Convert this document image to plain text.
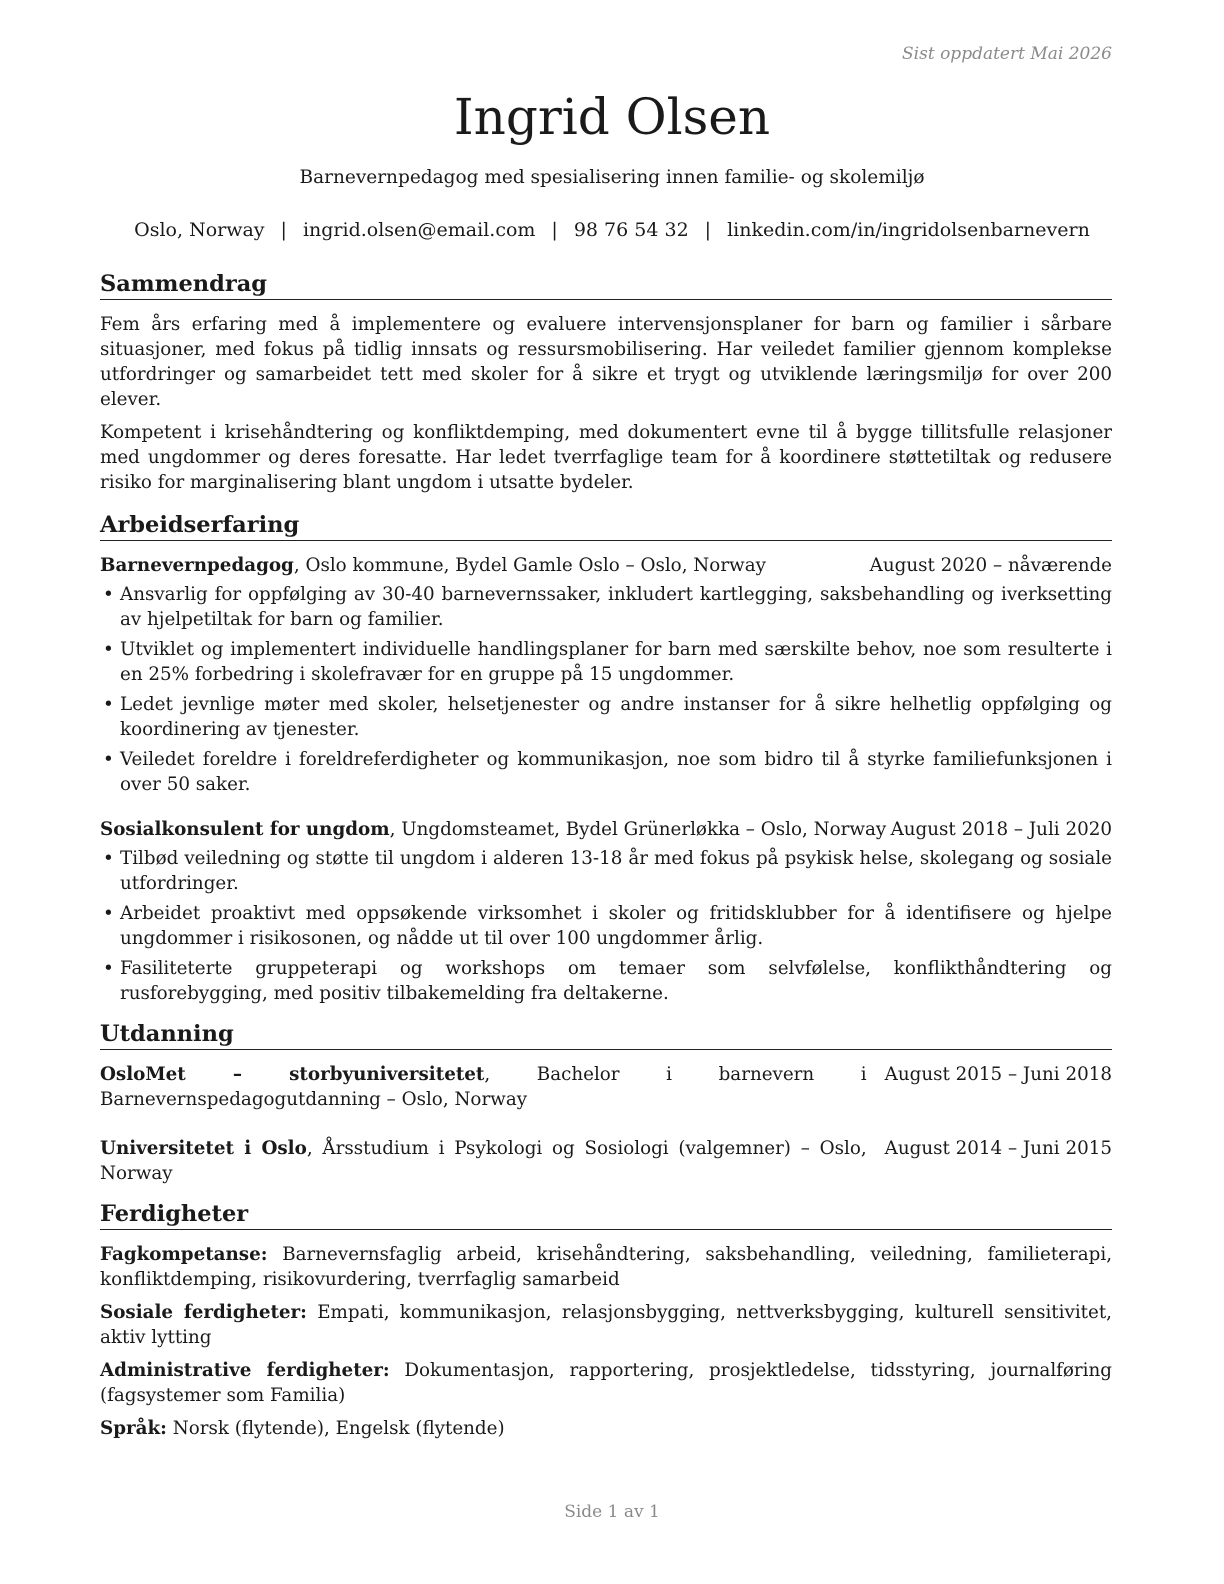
Sist oppdatert Mai 2026
Ingrid Olsen
Barnevernpedagog med spesialisering innen familie- og skolemiljø
Oslo, Norway | ingrid.olsen@email.com | 98 76 54 32 | linkedin.com/in/ingridolsenbarnevern
Sammendrag

Fem års erfaring med å implementere og evaluere intervensjonsplaner for barn og familier i sårbare situasjoner, med fokus på tidlig innsats og ressursmobilisering. Har veiledet familier gjennom komplekse utfordringer og samarbeidet tett med skoler for å sikre et trygt og utviklende læringsmiljø for over 200 elever.

Kompetent i krisehåndtering og konfliktdemping, med dokumentert evne til å bygge tillitsfulle relasjoner med ungdommer og deres foresatte. Har ledet tverrfaglige team for å koordinere støttetiltak og redusere risiko for marginalisering blant ungdom i utsatte bydeler.

Arbeidserfaring
Barnevernpedagog, Oslo kommune, Bydel Gamle Oslo – Oslo, Norway	August 2020 – nåværende
• Ansvarlig for oppfølging av 30-40 barnevernssaker, inkludert kartlegging, saksbehandling og iverksetting av hjelpetiltak for barn og familier.
• Utviklet og implementert individuelle handlingsplaner for barn med særskilte behov, noe som resulterte i en 25% forbedring i skolefravær for en gruppe på 15 ungdommer.
• Ledet jevnlige møter med skoler, helsetjenester og andre instanser for å sikre helhetlig oppfølging og koordinering av tjenester.
• Veiledet foreldre i foreldreferdigheter og kommunikasjon, noe som bidro til å styrke familiefunksjonen i over 50 saker.
Sosialkonsulent for ungdom, Ungdomsteamet, Bydel Grünerløkka – Oslo, Norway August 2018 – Juli 2020
• Tilbød veiledning og støtte til ungdom i alderen 13-18 år med fokus på psykisk helse, skolegang og sosiale utfordringer.
• Arbeidet proaktivt med oppsøkende virksomhet i skoler og fritidsklubber for å identifisere og hjelpe ungdommer i risikosonen, og nådde ut til over 100 ungdommer årlig.
• Fasiliteterte gruppeterapi og workshops om temaer som selvfølelse, konflikthåndtering og rusforebygging, med positiv tilbakemelding fra deltakerne.
Utdanning
OsloMet – storbyuniversitetet, Bachelor i barnevern i Barnevernspedagogutdanning – Oslo, Norway
August 2015 – Juni 2018
Universitetet i Oslo, Årsstudium i Psykologi og Sosiologi (valgemner) – Oslo, Norway
August 2014 – Juni 2015
Ferdigheter

Fagkompetanse: Barnevernsfaglig arbeid, krisehåndtering, saksbehandling, veiledning, familieterapi, konfliktdemping, risikovurdering, tverrfaglig samarbeid

Sosiale ferdigheter: Empati, kommunikasjon, relasjonsbygging, nettverksbygging, kulturell sensitivitet, aktiv lytting

Administrative ferdigheter: Dokumentasjon, rapportering, prosjektledelse, tidsstyring, journalføring (fagsystemer som Familia)

Språk: Norsk (flytende), Engelsk (flytende)

Side 1 av 1
